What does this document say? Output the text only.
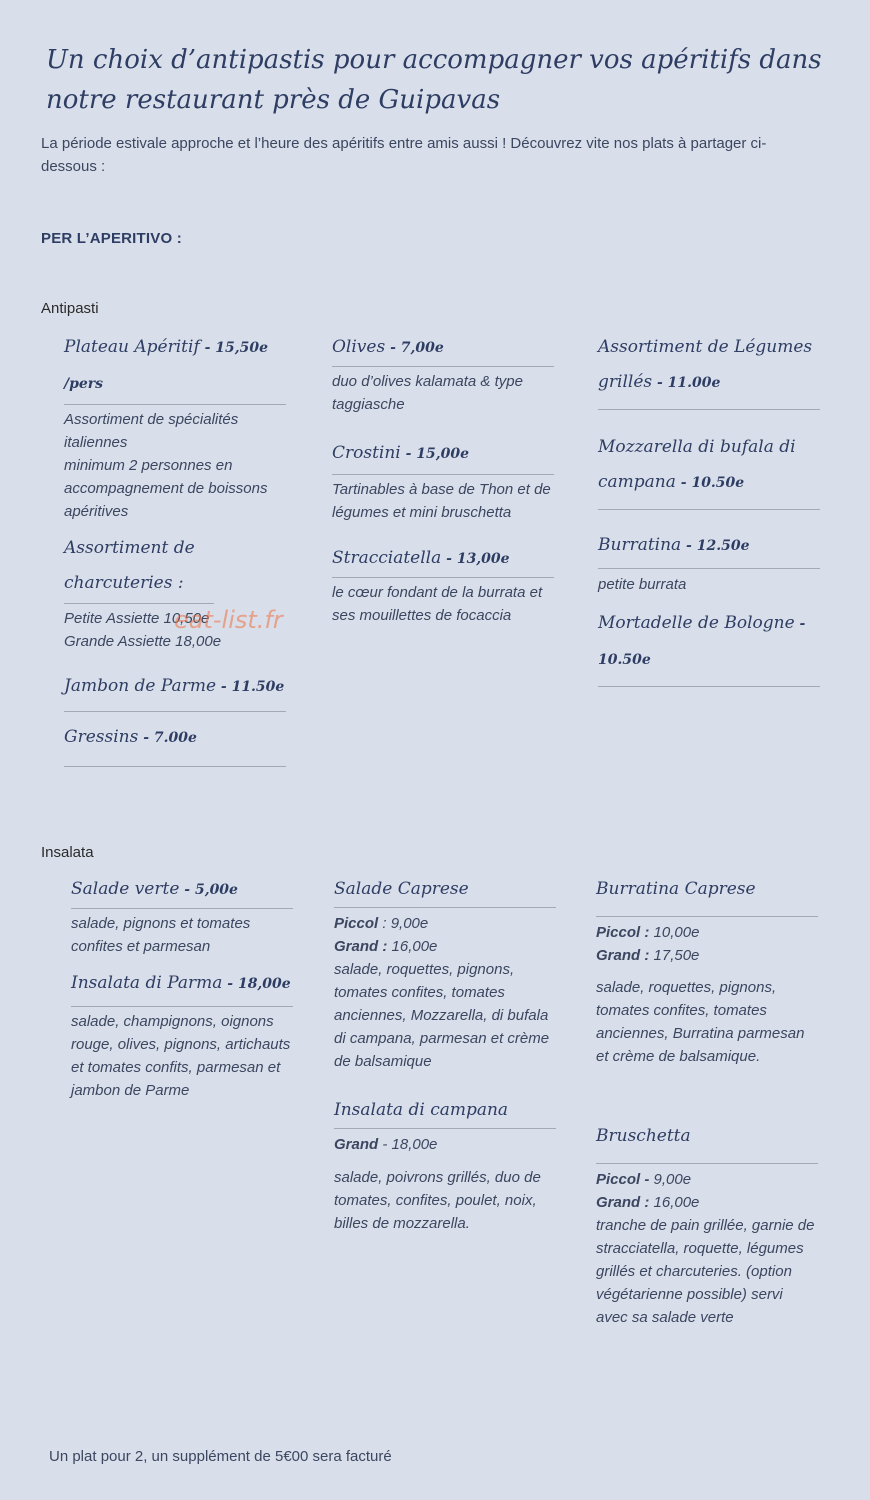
Un choix d’antipastis pour accompagner vos apéritifs dans notre restaurant près de Guipavas

La période estivale approche et l’heure des apéritifs entre amis aussi ! Découvrez vite nos plats à partager ci-dessous :

PER L’APERITIVO :
Antipasti
Plateau Apéritif - 15,50e /pers
Assortiment de spécialités italiennes
minimum 2 personnes en accompagnement de boissons apéritives
Assortiment de charcuteries :
Petite Assiette 10,50e
Grande Assiette 18,00e
Jambon de Parme - 11.50e
Gressins - 7.00e
Olives - 7,00e
duo d’olives kalamata & type taggiasche
Crostini - 15,00e
Tartinables à base de Thon et de
légumes et mini bruschetta
Stracciatella - 13,00e
le cœur fondant de la burrata et ses mouillettes de focaccia
Assortiment de Légumes grillés - 11.00e
Mozzarella di bufala di campana - 10.50e
Burratina - 12.50e
petite burrata
Mortadelle de Bologne - 10.50e
eat-list.fr
Insalata
Salade verte - 5,00e
salade, pignons et tomates confites et parmesan
Insalata di Parma - 18,00e
salade, champignons, oignons rouge, olives, pignons, artichauts et tomates confits, parmesan et jambon de Parme
Salade Caprese
Piccol : 9,00e
Grand : 16,00e
salade, roquettes, pignons, tomates confites, tomates anciennes, Mozzarella, di bufala di campana, parmesan et crème de balsamique
Insalata di campana
Grand - 18,00e
salade, poivrons grillés, duo de tomates, confites, poulet, noix, billes de mozzarella.
Burratina Caprese
Piccol : 10,00e
Grand : 17,50e
salade, roquettes, pignons, tomates confites, tomates anciennes, Burratina parmesan et crème de balsamique.
Bruschetta
Piccol - 9,00e
Grand : 16,00e
tranche de pain grillée, garnie de stracciatella, roquette, légumes grillés et charcuteries. (option végétarienne possible) servi avec sa salade verte
Un plat pour 2, un supplément de 5€00 sera facturé
